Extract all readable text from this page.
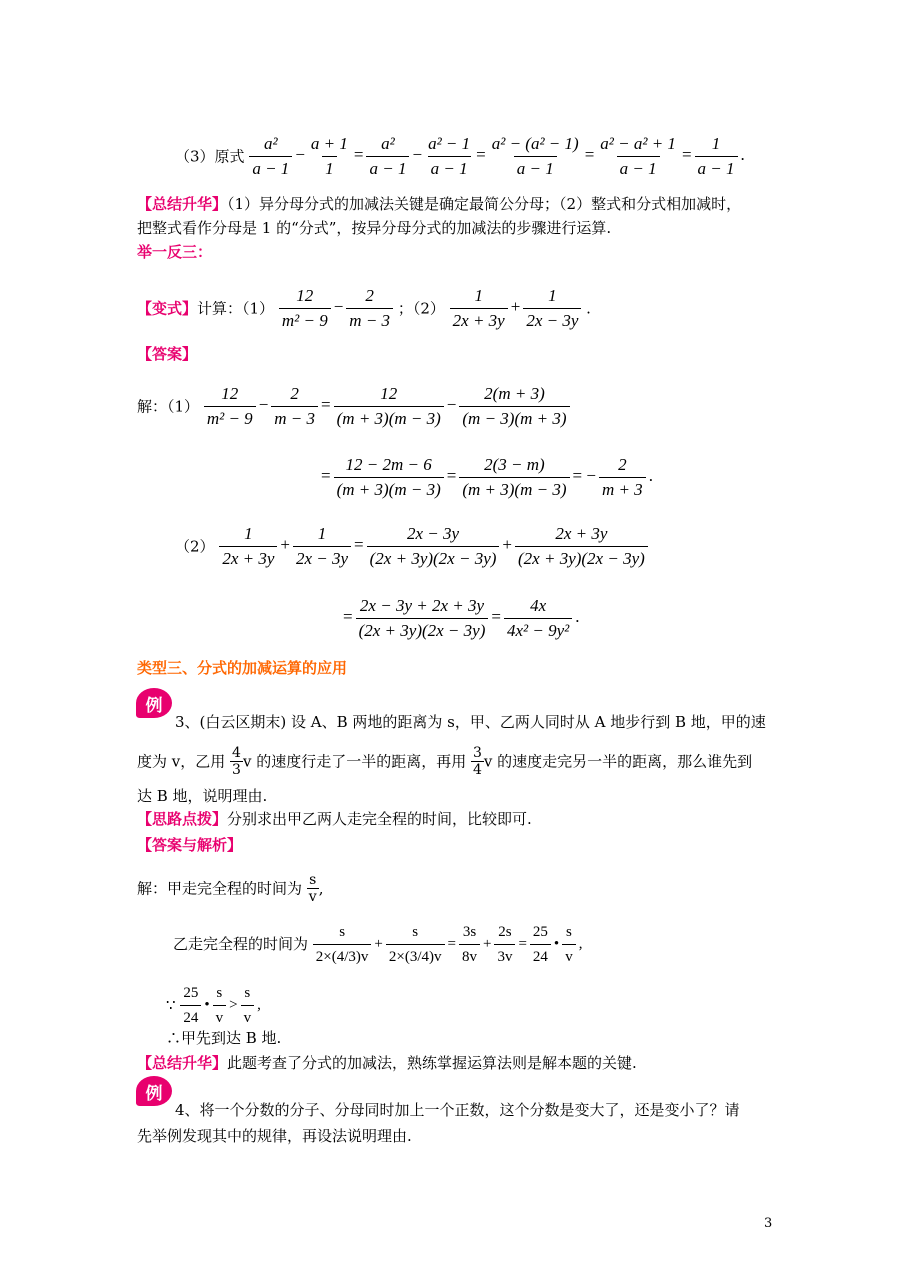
（3）原式 $\frac{\text{a²}}{a - 1} - \frac{a + 1}{1} = \frac{\text{a²}}{a - 1} - \frac{\text{a² − 1}}{a - 1} = \frac{\text{a² − (a² − 1)}}{a - 1} = \frac{\text{a² − a² + 1}}{a - 1} = \frac{1}{a - 1}$ .
【总结升华】（1）异分母分式的加减法关键是确定最简公分母；（2）整式和分式相加减时，
把整式看作分母是 1 的“分式”，按异分母分式的加减法的步骤进行运算.
举一反三：
【变式】计算：$(1) \frac{12}{\text{m² − 9}} - \frac{2}{m - 3}$ ；$(2) \frac{1}{2x + 3y} + \frac{1}{2x - 3y}$ .
【答案】
解：$(1) \frac{12}{\text{m² − 9}} - \frac{2}{m - 3} = \frac{12}{(m + 3)(m - 3)} - \frac{2(m + 3)}{(m - 3)(m + 3)}$
= $\frac{12 - 2m - 6}{(m + 3)(m - 3)} = \frac{2(3 - m)}{(m + 3)(m - 3)}$ = − $\frac{2}{m + 3}$ .
$(2) \frac{1}{2x + 3y} + \frac{1}{2x - 3y} = \frac{2x - 3y}{(2x + 3y)(2x - 3y)} + \frac{2x + 3y}{(2x + 3y)(2x - 3y)}$
= $\frac{2x - 3y + 2x + 3y}{(2x + 3y)(2x - 3y)} = \frac{4x}{\text{4x² − 9y²}}$ .
类型三、分式的加减运算的应用
例
3、(白云区期末) 设 A、B 两地的距离为 s，甲、乙两人同时从 A 地步行到 B 地，甲的速
度为 v，乙用 $\frac{4}{3}$ v 的速度行走了一半的距离，再用 $\frac{3}{4}$ v 的速度走完另一半的距离，那么谁先到
达 B 地，说明理由.
【思路点拨】分别求出甲乙两人走完全程的时间，比较即可.
【答案与解析】
解：甲走完全程的时间为 $\frac{s}{v}$ ,
乙走完全程的时间为 $\frac{s}{2\times(4/3)v} + \frac{s}{2\times(3/4)v} = \frac{3s}{8v} + \frac{2s}{3v} = \frac{25}{24}$ • $\frac{s}{v}$ ,
∵ $\frac{25}{24}$ • $\frac{s}{v} > \frac{s}{v}$ ,
∴甲先到达 B 地.
【总结升华】此题考查了分式的加减法，熟练掌握运算法则是解本题的关键.
例
4、将一个分数的分子、分母同时加上一个正数，这个分数是变大了，还是变小了？请
先举例发现其中的规律，再设法说明理由.
3
